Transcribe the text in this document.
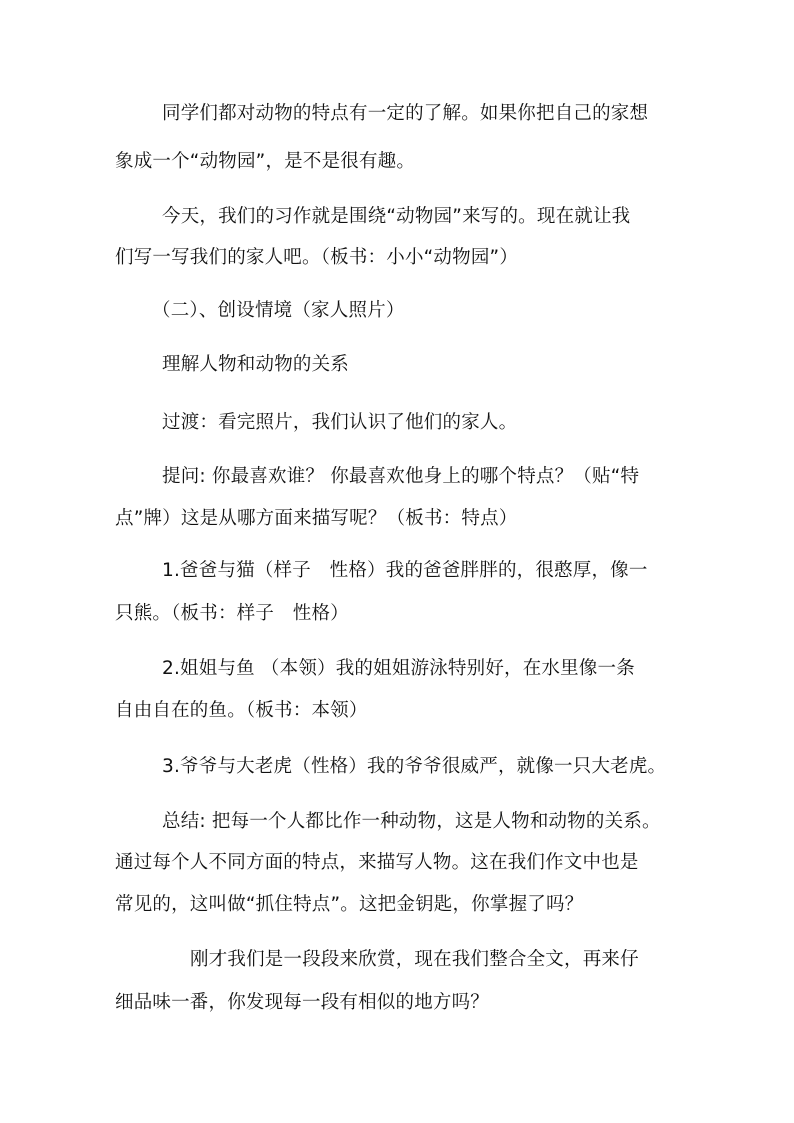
同学们都对动物的特点有一定的了解。如果你把自己的家想
象成一个“动物园”，是不是很有趣。
今天，我们的习作就是围绕“动物园”来写的。现在就让我
们写一写我们的家人吧。（板书：小小“动物园”）
（二）、创设情境（家人照片）
理解人物和动物的关系
过渡：看完照片，我们认识了他们的家人。
提问: 你最喜欢谁？ 你最喜欢他身上的哪个特点？（贴“特
点”牌）这是从哪方面来描写呢？（板书：特点）
1.爸爸与猫（样子　性格）我的爸爸胖胖的，很憨厚，像一
只熊。（板书：样子　性格）
2.姐姐与鱼 （本领）我的姐姐游泳特别好，在水里像一条
自由自在的鱼。（板书：本领）
3.爷爷与大老虎（性格）我的爷爷很威严，就像一只大老虎。
总结: 把每一个人都比作一种动物，这是人物和动物的关系。
通过每个人不同方面的特点，来描写人物。这在我们作文中也是
常见的，这叫做“抓住特点”。这把金钥匙，你掌握了吗？
刚才我们是一段段来欣赏，现在我们整合全文，再来仔
细品味一番，你发现每一段有相似的地方吗？
